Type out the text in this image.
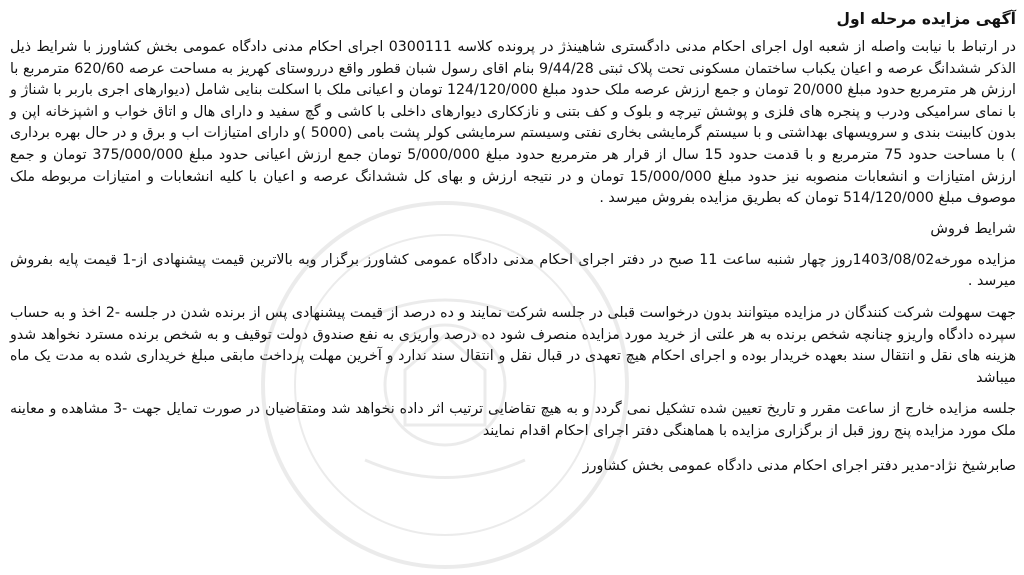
آگهی مزایده مرحله اول

در ارتباط با نیابت واصله از شعبه اول اجرای احکام مدنی دادگستری شاهینذژ در پرونده کلاسه 0300111 اجرای احکام مدنی دادگاه عمومی بخش کشاورز با شرایط ذیل الذکر ششدانگ عرصه و اعیان یکباب ساختمان مسکونی تحت پلاک ثبتی 9/44/28 بنام اقای رسول شبان قطور واقع درروستای کهریز به مساحت عرصه 620/60 مترمربع با ارزش هر مترمربع حدود مبلغ 20/000 تومان و جمع ارزش عرصه ملک حدود مبلغ 124/120/000 تومان و اعیانی ملک با اسکلت بنایی شامل (دیوارهای اجری باربر با شناژ و با نمای سرامیکی ودرب و پنجره های فلزی و پوشش تیرچه و بلوک و کف بتنی و نازککاری دیوارهای داخلی با کاشی و گچ سفید و دارای هال و اتاق خواب و اشپزخانه اپن و بدون کابینت بندی و سرویسهای بهداشتی و با سیستم گرمایشی بخاری نفتی وسیستم سرمایشی کولر پشت بامی (5000 )و دارای امتیازات اب و برق و در حال بهره برداری ) با مساحت حدود 75 مترمربع و با قدمت حدود 15 سال از قرار هر مترمربع حدود مبلغ 5/000/000 تومان جمع ارزش اعیانی حدود مبلغ 375/000/000 تومان و جمع ارزش امتیازات و انشعابات منصوبه نیز حدود مبلغ 15/000/000 تومان و در نتیجه ارزش و بهای کل ششدانگ عرصه و اعیان با کلیه انشعابات و امتیازات مربوطه ملک موصوف مبلغ 514/120/000 تومان که بطریق مزایده بفروش میرسد .

شرایط فروش

مزایده مورخه1403/08/02روز چهار شنبه ساعت 11 صبح در دفتر اجرای احکام مدنی دادگاه عمومی کشاورز برگزار وبه بالاترین قیمت پیشنهادی از-1 قیمت پایه بفروش میرسد .

جهت سهولت شرکت کنندگان در مزایده میتوانند بدون درخواست قبلی در جلسه شرکت نمایند و ده درصد از قیمت پیشنهادی پس از برنده شدن در جلسه -2 اخذ و به حساب سپرده دادگاه واریزو چنانچه شخص برنده به هر علتی از خرید مورد مزایده منصرف شود ده درصد واریزی به نفع صندوق دولت توقیف و به شخص برنده مسترد نخواهد شدو هزینه های نقل و انتقال سند بعهده خریدار بوده و اجرای احکام هیچ تعهدی در قبال نقل و انتقال سند ندارد و آخرین مهلت پرداخت مابقی مبلغ خریداری شده به مدت یک ماه میباشد

جلسه مزایده خارج از ساعت مقرر و تاریخ تعیین شده تشکیل نمی گردد و به هیچ تقاضایی ترتیب اثر داده نخواهد شد ومتقاضیان در صورت تمایل جهت -3 مشاهده و معاینه ملک مورد مزایده پنج روز قبل از برگزاری مزایده با هماهنگی دفتر اجرای احکام اقدام نمایند

صابرشیخ نژاد-مدیر دفتر اجرای احکام مدنی دادگاه عمومی بخش کشاورز
